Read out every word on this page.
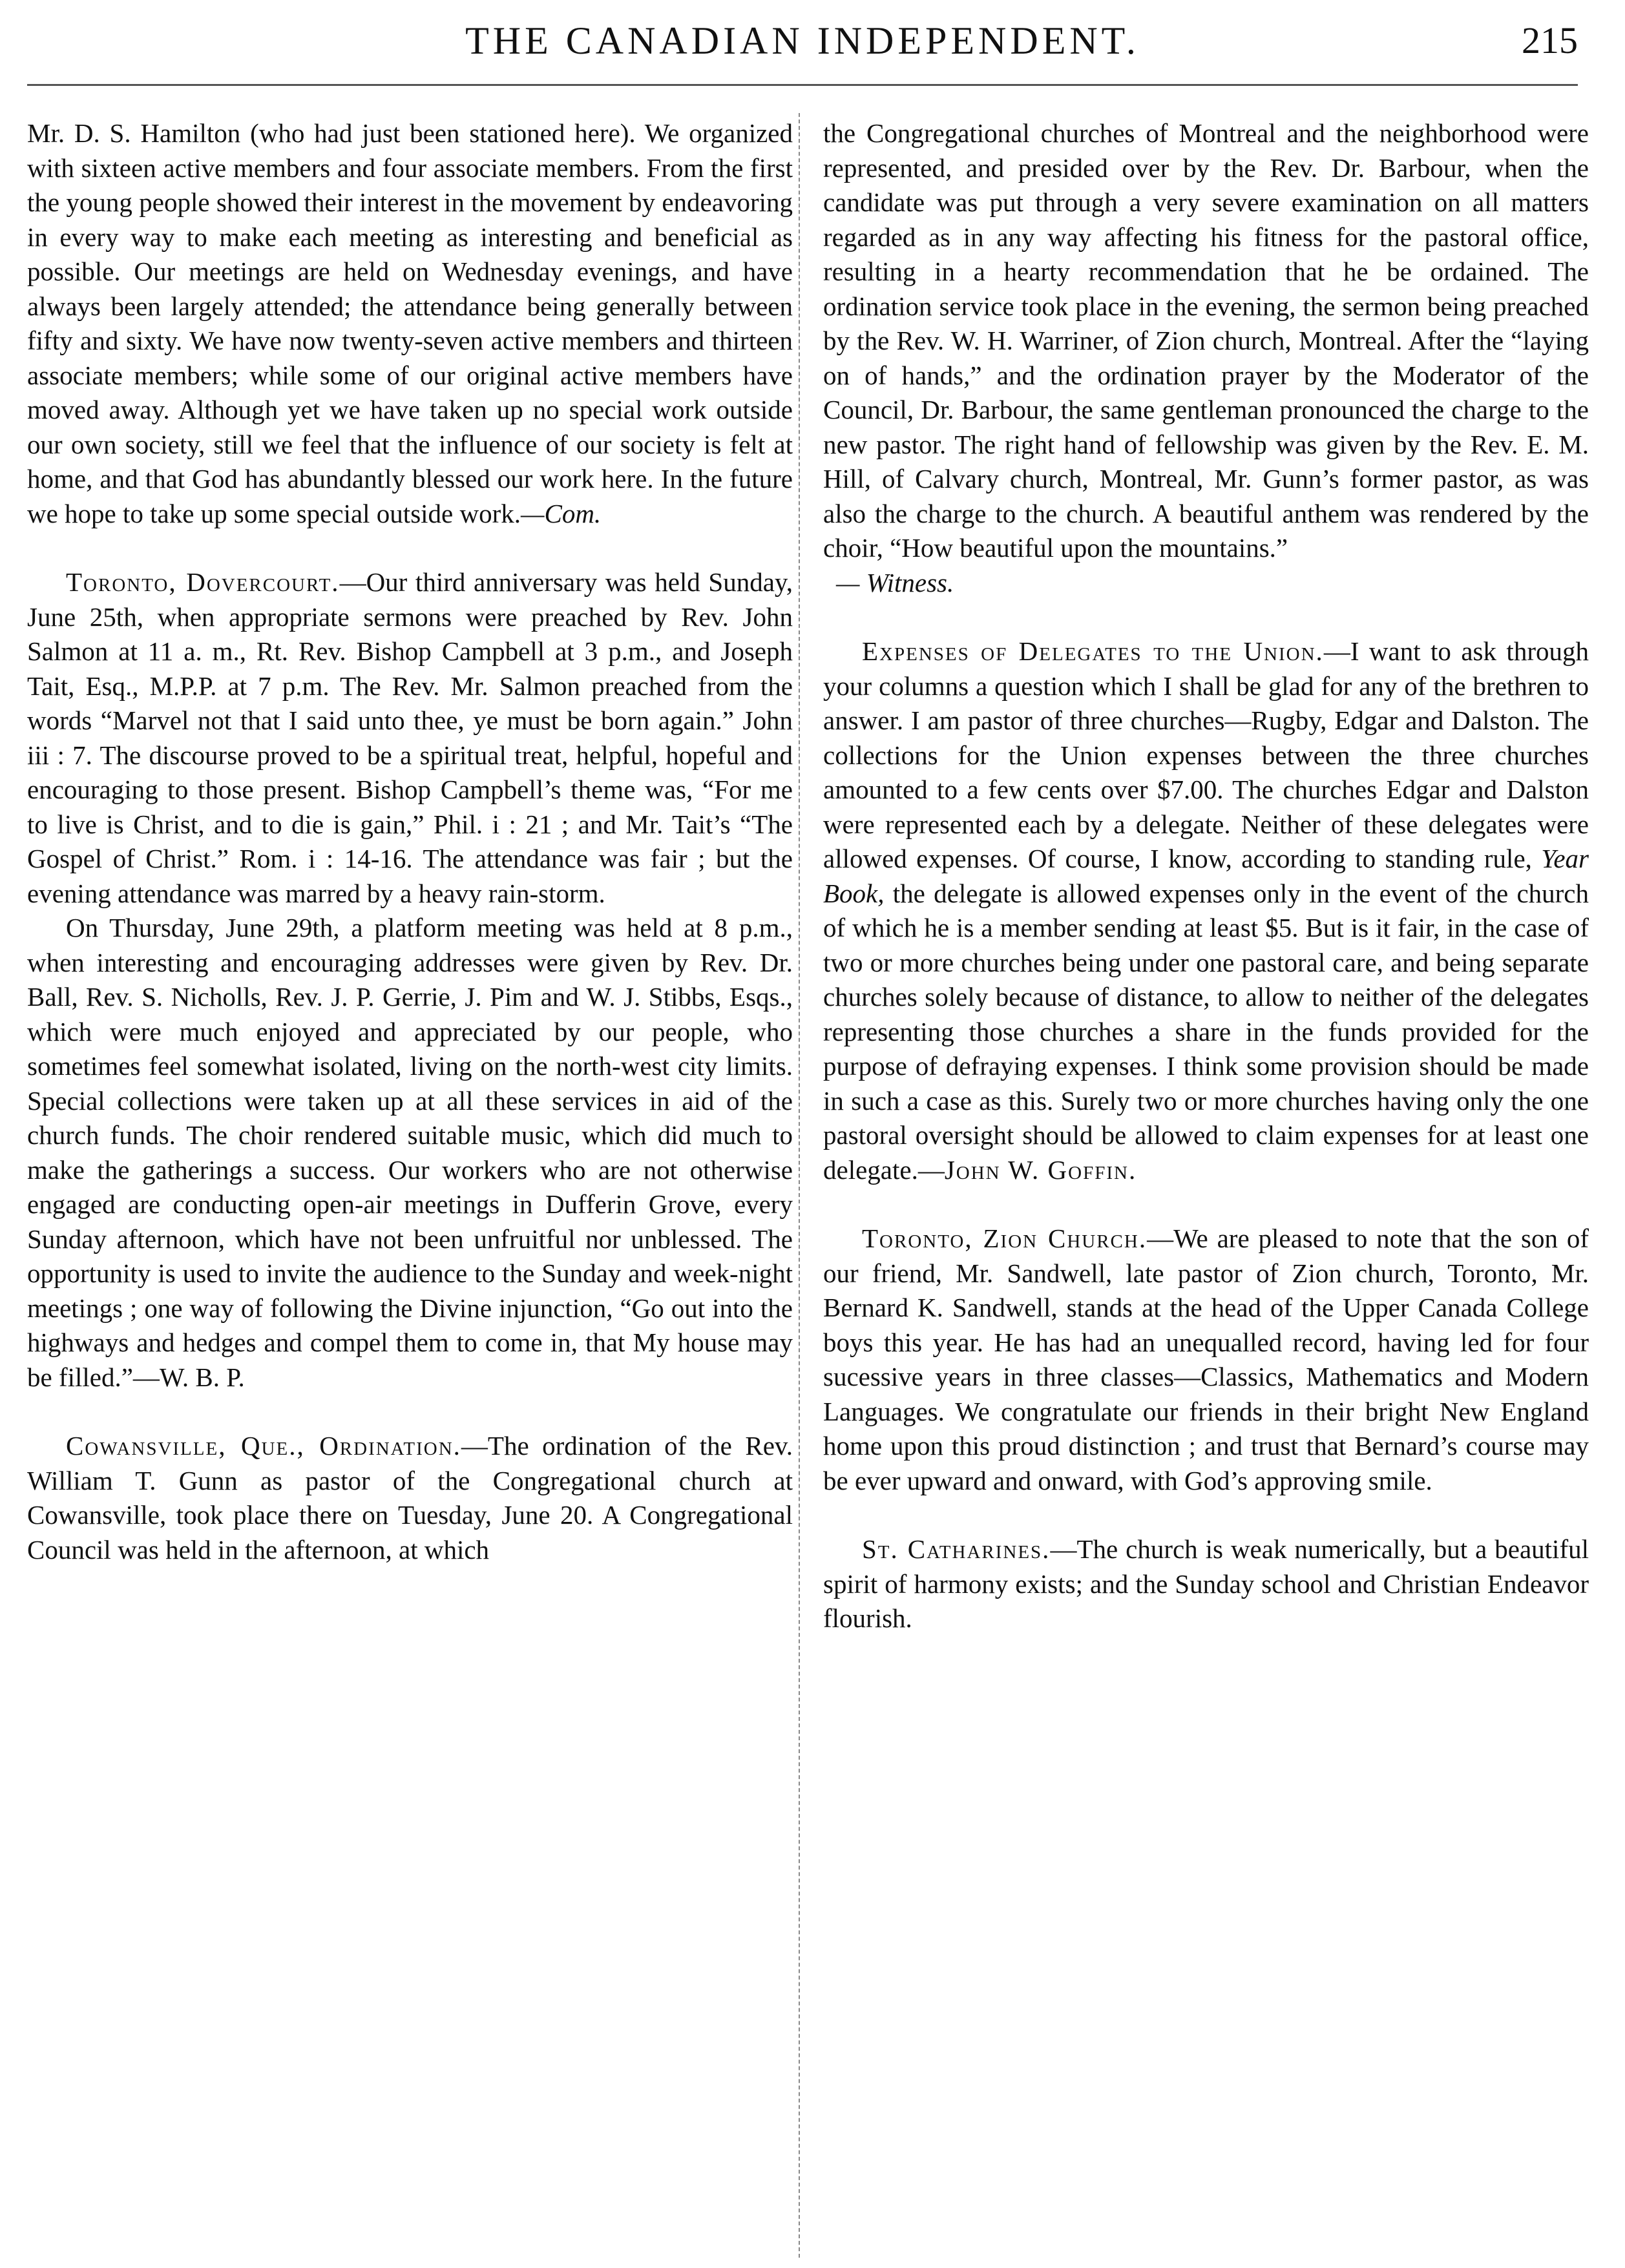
THE CANADIAN INDEPENDENT.	215

Mr. D. S. Hamilton (who had just been stationed here). We organized with sixteen active members and four associate members. From the first the young people showed their interest in the movement by endeavoring in every way to make each meeting as interesting and beneficial as possible. Our meetings are held on Wednesday evenings, and have always been largely attended; the attendance being generally between fifty and sixty. We have now twenty-seven active members and thirteen associate members; while some of our original active members have moved away. Although yet we have taken up no special work outside our own society, still we feel that the influence of our society is felt at home, and that God has abundantly blessed our work here. In the future we hope to take up some special outside work.—Com.

Toronto, Dovercourt.—Our third anniversary was held Sunday, June 25th, when appropriate sermons were preached by Rev. John Salmon at 11 a. m., Rt. Rev. Bishop Campbell at 3 p.m., and Joseph Tait, Esq., M.P.P. at 7 p.m. The Rev. Mr. Salmon preached from the words “Marvel not that I said unto thee, ye must be born again.” John iii : 7. The discourse proved to be a spiritual treat, helpful, hopeful and encouraging to those present. Bishop Campbell’s theme was, “For me to live is Christ, and to die is gain,” Phil. i : 21 ; and Mr. Tait’s “The Gospel of Christ.” Rom. i : 14-16. The attendance was fair ; but the evening attendance was marred by a heavy rain-storm.

On Thursday, June 29th, a platform meeting was held at 8 p.m., when interesting and encouraging addresses were given by Rev. Dr. Ball, Rev. S. Nicholls, Rev. J. P. Gerrie, J. Pim and W. J. Stibbs, Esqs., which were much enjoyed and appreciated by our people, who sometimes feel somewhat isolated, living on the north-west city limits. Special collections were taken up at all these services in aid of the church funds. The choir rendered suitable music, which did much to make the gatherings a success. Our workers who are not otherwise engaged are conducting open-air meetings in Dufferin Grove, every Sunday afternoon, which have not been unfruitful nor unblessed. The opportunity is used to invite the audience to the Sunday and week-night meetings ; one way of following the Divine injunction, “Go out into the highways and hedges and compel them to come in, that My house may be filled.”—W. B. P.

Cowansville, Que., Ordination.—The ordination of the Rev. William T. Gunn as pastor of the Congregational church at Cowansville, took place there on Tuesday, June 20. A Congregational Council was held in the afternoon, at which

the Congregational churches of Montreal and the neighborhood were represented, and presided over by the Rev. Dr. Barbour, when the candidate was put through a very severe examination on all matters regarded as in any way affecting his fitness for the pastoral office, resulting in a hearty recommendation that he be ordained. The ordination service took place in the evening, the sermon being preached by the Rev. W. H. Warriner, of Zion church, Montreal. After the “laying on of hands,” and the ordination prayer by the Moderator of the Council, Dr. Barbour, the same gentleman pronounced the charge to the new pastor. The right hand of fellowship was given by the Rev. E. M. Hill, of Calvary church, Montreal, Mr. Gunn’s former pastor, as was also the charge to the church. A beautiful anthem was rendered by the choir, “How beautiful upon the mountains.”

— Witness.

Expenses of Delegates to the Union.—I want to ask through your columns a question which I shall be glad for any of the brethren to answer. I am pastor of three churches—Rugby, Edgar and Dalston. The collections for the Union expenses between the three churches amounted to a few cents over $7.00. The churches Edgar and Dalston were represented each by a delegate. Neither of these delegates were allowed expenses. Of course, I know, according to standing rule, Year Book, the delegate is allowed expenses only in the event of the church of which he is a member sending at least $5. But is it fair, in the case of two or more churches being under one pastoral care, and being separate churches solely because of distance, to allow to neither of the delegates representing those churches a share in the funds provided for the purpose of defraying expenses. I think some provision should be made in such a case as this. Surely two or more churches having only the one pastoral oversight should be allowed to claim expenses for at least one delegate.—John W. Goffin.

Toronto, Zion Church.—We are pleased to note that the son of our friend, Mr. Sandwell, late pastor of Zion church, Toronto, Mr. Bernard K. Sandwell, stands at the head of the Upper Canada College boys this year. He has had an unequalled record, having led for four sucessive years in three classes—Classics, Mathematics and Modern Languages. We congratulate our friends in their bright New England home upon this proud distinction ; and trust that Bernard’s course may be ever upward and onward, with God’s approving smile.

St. Catharines.—The church is weak numerically, but a beautiful spirit of harmony exists; and the Sunday school and Christian Endeavor flourish.
